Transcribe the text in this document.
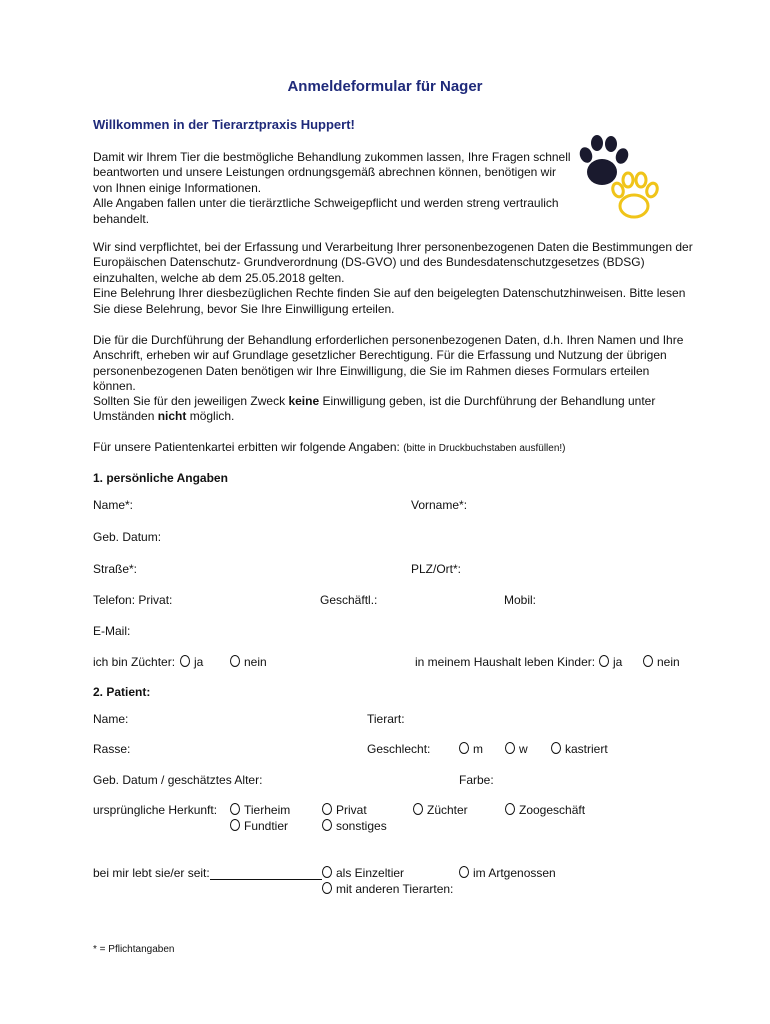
Anmeldeformular für Nager
Willkommen in der Tierarztpraxis Huppert!

Damit wir Ihrem Tier die bestmögliche Behandlung zukommen lassen, Ihre Fragen schnell

beantworten und unsere Leistungen ordnungsgemäß abrechnen können, benötigen wir

von Ihnen einige Informationen.

Alle Angaben fallen unter die tierärztliche Schweigepflicht und werden streng vertraulich

behandelt.

Wir sind verpflichtet, bei der Erfassung und Verarbeitung Ihrer personenbezogenen Daten die Bestimmungen der

Europäischen Datenschutz- Grundverordnung (DS-GVO) und des Bundesdatenschutzgesetzes (BDSG)

einzuhalten, welche ab dem 25.05.2018 gelten.

Eine Belehrung Ihrer diesbezüglichen Rechte finden Sie auf den beigelegten Datenschutzhinweisen. Bitte lesen

Sie diese Belehrung, bevor Sie Ihre Einwilligung erteilen.

Die für die Durchführung der Behandlung erforderlichen personenbezogenen Daten, d.h. Ihren Namen und Ihre

Anschrift, erheben wir auf Grundlage gesetzlicher Berechtigung. Für die Erfassung und Nutzung der übrigen

personenbezogenen Daten benötigen wir Ihre Einwilligung, die Sie im Rahmen dieses Formulars erteilen können.

Sollten Sie für den jeweiligen Zweck keine Einwilligung geben, ist die Durchführung der Behandlung unter

Umständen nicht möglich.

Für unsere Patientenkartei erbitten wir folgende Angaben: (bitte in Druckbuchstaben ausfüllen!)

1. persönliche Angaben
Name*:	Vorname*:
Geb. Datum:
Straße*:	PLZ/Ort*:
Telefon: Privat:	Geschäftl.:	Mobil:
E-Mail:
ich bin Züchter:	ja	nein	in meinem Haushalt leben Kinder:	ja	nein
2. Patient:
Name:	Tierart:
Rasse:	Geschlecht:	m	w	kastriert
Geb. Datum / geschätztes Alter:	Farbe:
ursprüngliche Herkunft:	Tierheim	Privat	Züchter	Zoogeschäft
Fundtier	sonstiges
bei mir lebt sie/er seit:	als Einzeltier	im Artgenossen
mit anderen Tierarten:
* = Pflichtangaben
